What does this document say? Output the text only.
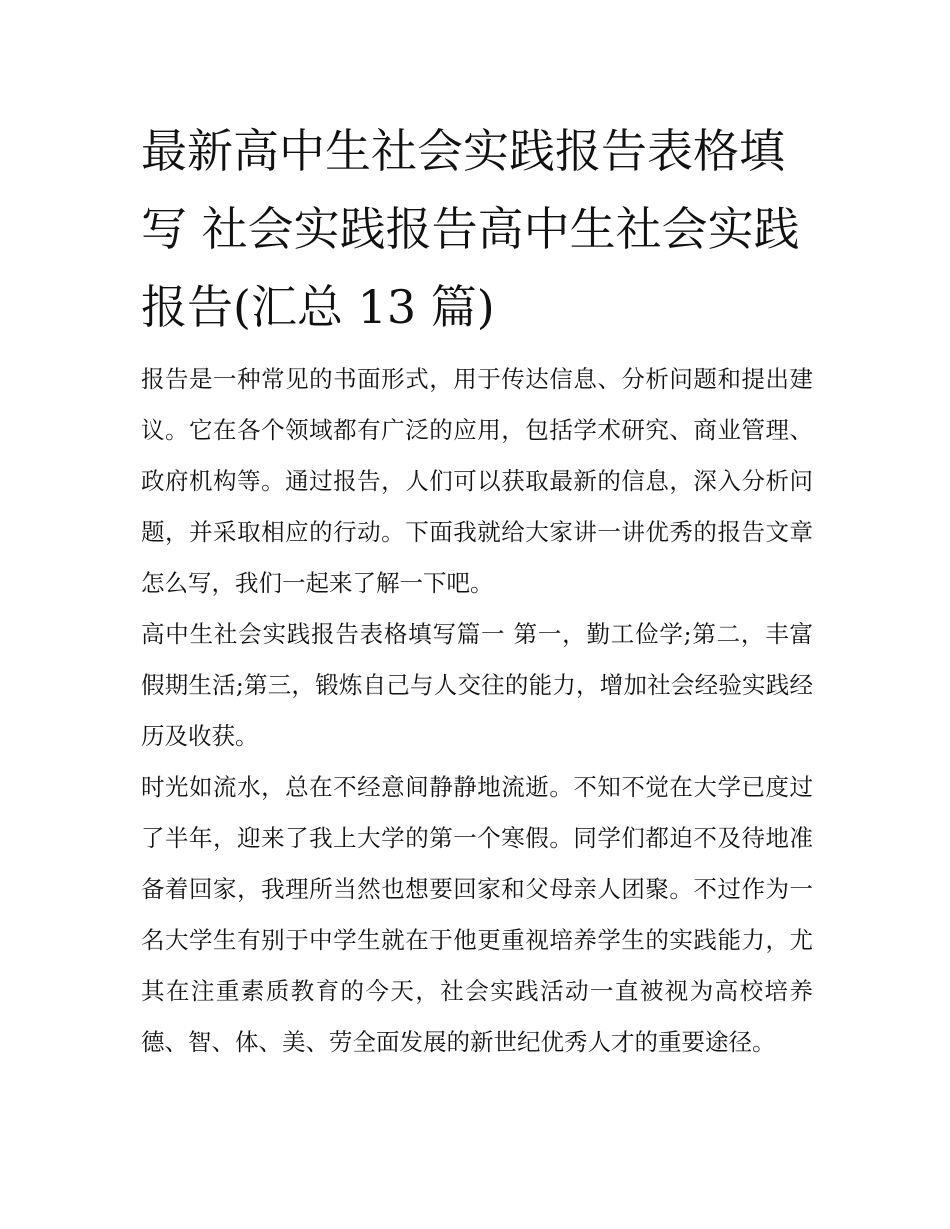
最新高中生社会实践报告表格填写 社会实践报告高中生社会实践报告(汇总 13 篇)

报告是一种常见的书面形式，用于传达信息、分析问题和提出建议。它在各个领域都有广泛的应用，包括学术研究、商业管理、政府机构等。通过报告，人们可以获取最新的信息，深入分析问题，并采取相应的行动。下面我就给大家讲一讲优秀的报告文章怎么写，我们一起来了解一下吧。

高中生社会实践报告表格填写篇一 第一，勤工俭学;第二，丰富假期生活;第三，锻炼自己与人交往的能力，增加社会经验实践经历及收获。

时光如流水，总在不经意间静静地流逝。不知不觉在大学已度过了半年，迎来了我上大学的第一个寒假。同学们都迫不及待地准备着回家，我理所当然也想要回家和父母亲人团聚。不过作为一名大学生有别于中学生就在于他更重视培养学生的实践能力，尤其在注重素质教育的今天，社会实践活动一直被视为高校培养德、智、体、美、劳全面发展的新世纪优秀人才的重要途径。
